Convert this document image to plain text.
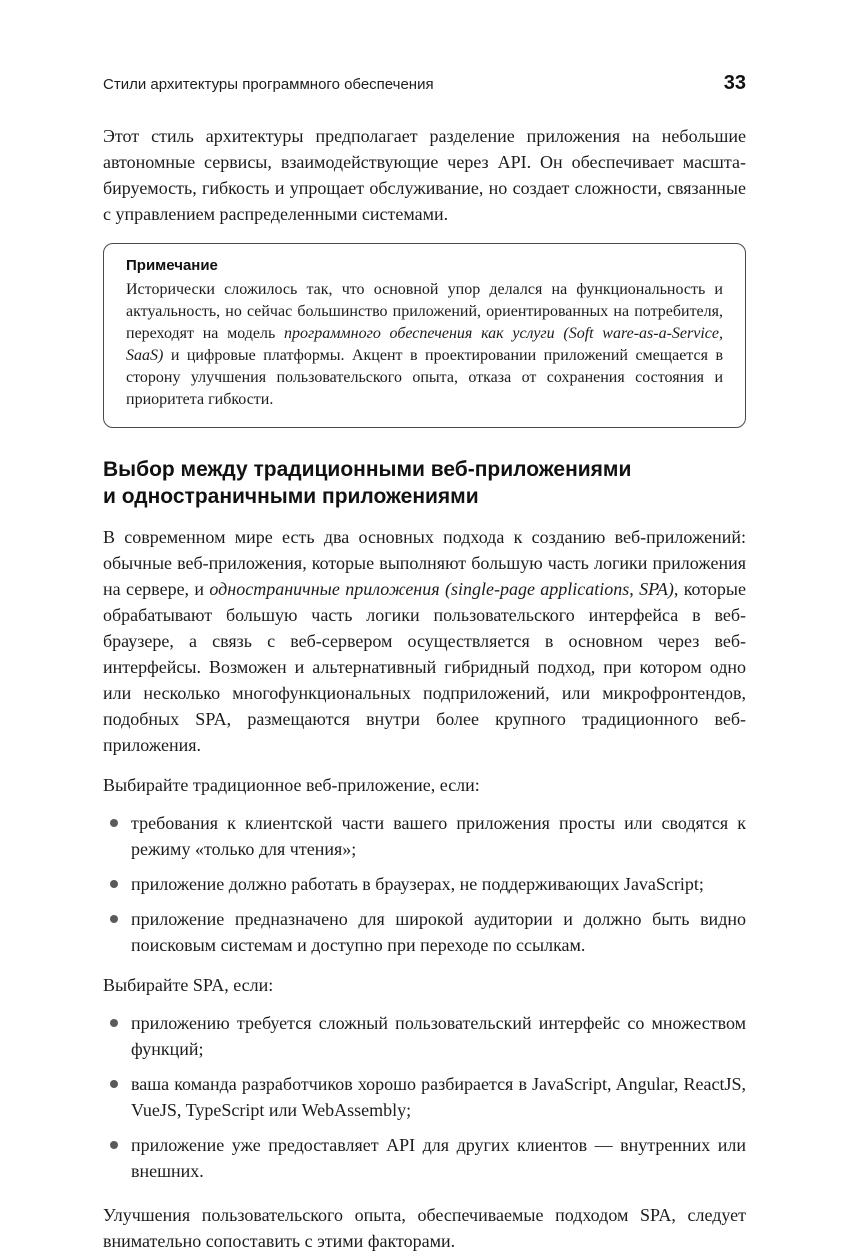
Стили архитектуры программного обеспечения	33

Этот стиль архитектуры предполагает разделение приложения на небольшие автономные сервисы, взаимодействующие через API. Он обеспечивает масштабируемость, гибкость и упрощает обслуживание, но создает сложности, связанные с управлением распределенными системами.

Примечание

Исторически сложилось так, что основной упор делался на функциональность и актуальность, но сейчас большинство приложений, ориентированных на потребителя, переходят на модель программного обеспечения как услуги (Soft ware-as-a-Service, SaaS) и цифровые платформы. Акцент в проектировании приложений смещается в сторону улучшения пользовательского опыта, отказа от сохранения состояния и приоритета гибкости.

Выбор между традиционными веб-приложениями
и одностраничными приложениями

В современном мире есть два основных подхода к созданию веб-приложений: обычные веб-приложения, которые выполняют большую часть логики приложения на сервере, и одностраничные приложения (single-page applications, SPA), которые обрабатывают большую часть логики пользовательского интерфейса в веб-браузере, а связь с веб-сервером осуществляется в основном через веб-интерфейсы. Возможен и альтернативный гибридный подход, при котором одно или несколько многофункциональных подприложений, или микрофронтендов, подобных SPA, размещаются внутри более крупного традиционного веб-приложения.

Выбирайте традиционное веб-приложение, если:

требования к клиентской части вашего приложения просты или сводятся к режиму «только для чтения»;
приложение должно работать в браузерах, не поддерживающих JavaScript;
приложение предназначено для широкой аудитории и должно быть видно поисковым системам и доступно при переходе по ссылкам.

Выбирайте SPA, если:

приложению требуется сложный пользовательский интерфейс со множеством функций;
ваша команда разработчиков хорошо разбирается в JavaScript, Angular, ReactJS, VueJS, TypeScript или WebAssembly;
приложение уже предоставляет API для других клиентов — внутренних или внешних.

Улучшения пользовательского опыта, обеспечиваемые подходом SPA, следует внимательно сопоставить с этими факторами.
